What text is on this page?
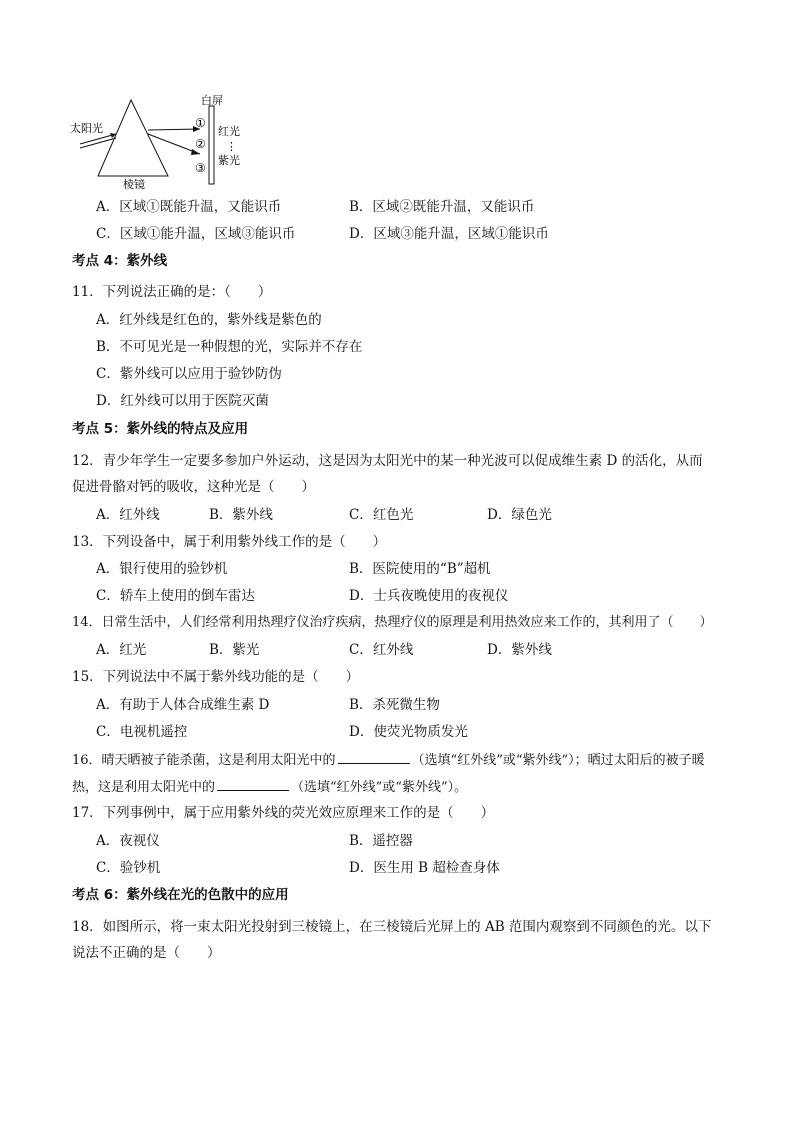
太阳光
棱镜
白屏
①
②
③
红光
⋮
紫光
A．区域①既能升温，又能识币	B．区域②既能升温，又能识币
C．区域①能升温，区域③能识币	D．区域③能升温，区域①能识币
考点 4：紫外线
11．下列说法正确的是：（　　）
A．红外线是红色的，紫外线是紫色的
B．不可见光是一种假想的光，实际并不存在
C．紫外线可以应用于验钞防伪
D．红外线可以用于医院灭菌
考点 5：紫外线的特点及应用
12．青少年学生一定要多参加户外运动，这是因为太阳光中的某一种光波可以促成维生素 D 的活化，从而
促进骨骼对钙的吸收，这种光是（　　）
A．红外线	B．紫外线	C．红色光	D．绿色光
13．下列设备中，属于利用紫外线工作的是（　　）
A．银行使用的验钞机	B．医院使用的“B”超机
C．轿车上使用的倒车雷达	D．士兵夜晚使用的夜视仪
14．日常生活中，人们经常利用热理疗仪治疗疾病，热理疗仪的原理是利用热效应来工作的，其利用了（　　）
A．红光	B．紫光	C．红外线	D．紫外线
15．下列说法中不属于紫外线功能的是（　　）
A．有助于人体合成维生素 D	B．杀死微生物
C．电视机遥控	D．使荧光物质发光
16．晴天晒被子能杀菌，这是利用太阳光中的	（选填“红外线”或“紫外线”）；晒过太阳后的被子暖
热，这是利用太阳光中的	（选填“红外线”或“紫外线”）。
17．下列事例中，属于应用紫外线的荧光效应原理来工作的是（　　）
A．夜视仪	B．遥控器
C．验钞机	D．医生用 B 超检查身体
考点 6：紫外线在光的色散中的应用
18．如图所示，将一束太阳光投射到三棱镜上，在三棱镜后光屏上的 AB 范围内观察到不同颜色的光。以下
说法不正确的是（　　）
